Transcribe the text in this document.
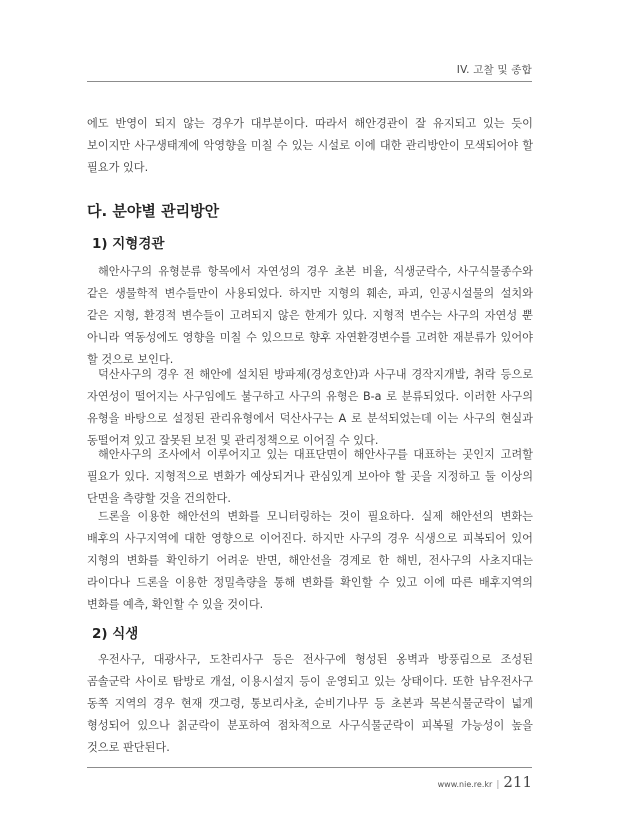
IV. 고찰 및 종합

에도 반영이 되지 않는 경우가 대부분이다. 따라서 해안경관이 잘 유지되고 있는 듯이 보이지만 사구생태계에 악영향을 미칠 수 있는 시설로 이에 대한 관리방안이 모색되어야 할 필요가 있다.

다. 분야별 관리방안
1) 지형경관

해안사구의 유형분류 항목에서 자연성의 경우 초본 비율, 식생군락수, 사구식물종수와 같은 생물학적 변수들만이 사용되었다. 하지만 지형의 훼손, 파괴, 인공시설물의 설치와 같은 지형, 환경적 변수들이 고려되지 않은 한계가 있다. 지형적 변수는 사구의 자연성 뿐 아니라 역동성에도 영향을 미칠 수 있으므로 향후 자연환경변수를 고려한 재분류가 있어야 할 것으로 보인다.

덕산사구의 경우 전 해안에 설치된 방파제(경성호안)과 사구내 경작지개발, 취락 등으로 자연성이 떨어지는 사구임에도 불구하고 사구의 유형은 B-a 로 분류되었다. 이러한 사구의 유형을 바탕으로 설정된 관리유형에서 덕산사구는 A 로 분석되었는데 이는 사구의 현실과 동떨어져 있고 잘못된 보전 및 관리정책으로 이어질 수 있다.

해안사구의 조사에서 이루어지고 있는 대표단면이 해안사구를 대표하는 곳인지 고려할 필요가 있다. 지형적으로 변화가 예상되거나 관심있게 보아야 할 곳을 지정하고 둘 이상의 단면을 측량할 것을 건의한다.

드론을 이용한 해안선의 변화를 모니터링하는 것이 필요하다. 실제 해안선의 변화는 배후의 사구지역에 대한 영향으로 이어진다. 하지만 사구의 경우 식생으로 피복되어 있어 지형의 변화를 확인하기 어려운 반면, 해안선을 경계로 한 해빈, 전사구의 사초지대는 라이다나 드론을 이용한 정밀측량을 통해 변화를 확인할 수 있고 이에 따른 배후지역의 변화를 예측, 확인할 수 있을 것이다.

2) 식생

우전사구, 대광사구, 도찬리사구 등은 전사구에 형성된 옹벽과 방풍림으로 조성된 곰솔군락 사이로 탐방로 개설, 이용시설지 등이 운영되고 있는 상태이다. 또한 남우전사구 동쪽 지역의 경우 현재 갯그령, 통보리사초, 순비기나무 등 초본과 목본식물군락이 넓게 형성되어 있으나 칡군락이 분포하여 점차적으로 사구식물군락이 피복될 가능성이 높을 것으로 판단된다.

www.nie.re.kr | 211
